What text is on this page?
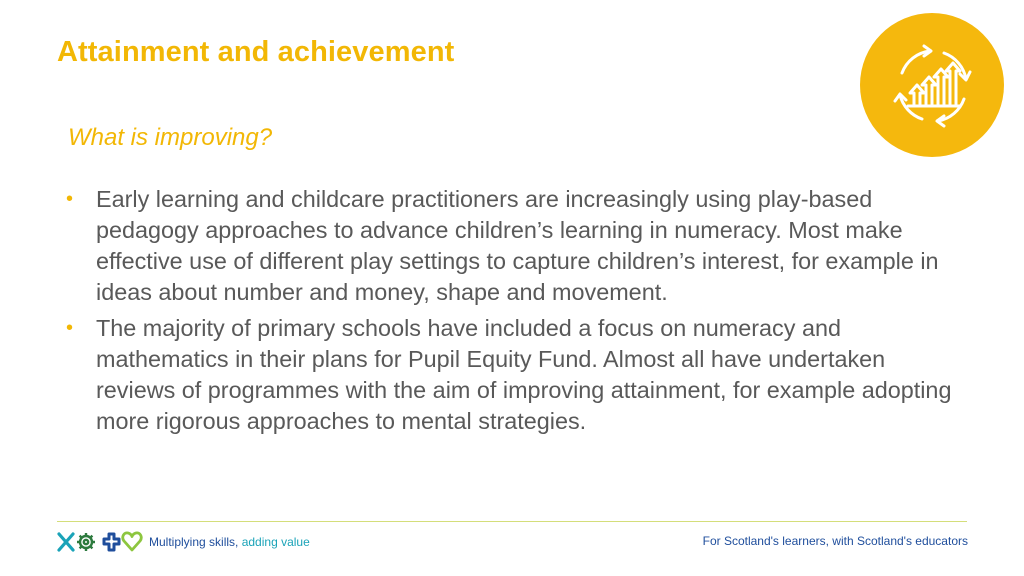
Attainment and achievement
What is improving?
• Early learning and childcare practitioners are increasingly using play-based pedagogy approaches to advance children’s learning in numeracy. Most make effective use of different play settings to capture children’s interest, for example in ideas about number and money, shape and movement.
• The majority of primary schools have included a focus on numeracy and mathematics in their plans for Pupil Equity Fund. Almost all have undertaken reviews of programmes with the aim of improving attainment, for example adopting more rigorous approaches to mental strategies.
Multiplying skills, adding value	For Scotland's learners, with Scotland's educators
